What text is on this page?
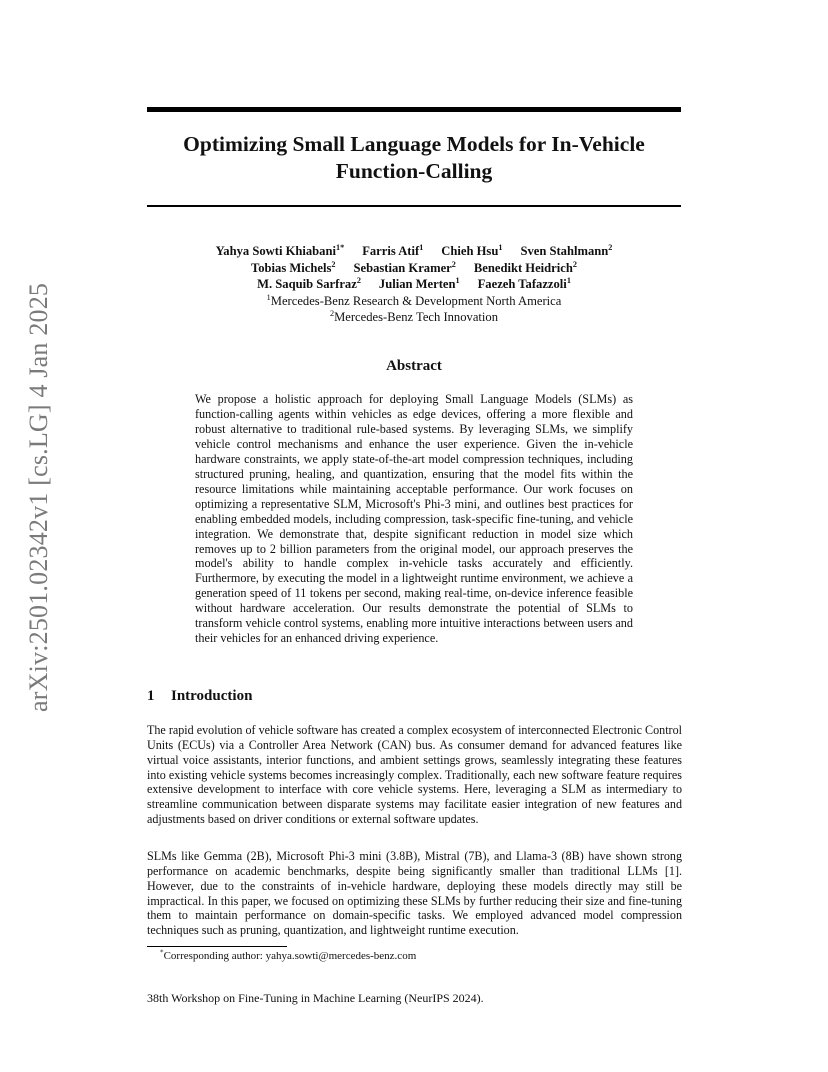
arXiv:2501.02342v1 [cs.LG] 4 Jan 2025
Optimizing Small Language Models for In-Vehicle Function-Calling
Yahya Sowti Khiabani$^{1*}$ Farris Atif$^1$ Chieh Hsu$^1$ Sven Stahlmann$^2$
Tobias Michels$^2$ Sebastian Kramer$^2$ Benedikt Heidrich$^2$
M. Saquib Sarfraz$^2$ Julian Merten$^1$ Faezeh Tafazzoli$^1$
$^1$Mercedes-Benz Research & Development North America
$^2$Mercedes-Benz Tech Innovation
Abstract

We propose a holistic approach for deploying Small Language Models (SLMs) as function-calling agents within vehicles as edge devices, offering a more flexible and robust alternative to traditional rule-based systems. By leveraging SLMs, we simplify vehicle control mechanisms and enhance the user experience. Given the in-vehicle hardware constraints, we apply state-of-the-art model compression techniques, including structured pruning, healing, and quantization, ensuring that the model fits within the resource limitations while maintaining acceptable performance. Our work focuses on optimizing a representative SLM, Microsoft's Phi-3 mini, and outlines best practices for enabling embedded models, including compression, task-specific fine-tuning, and vehicle integration. We demonstrate that, despite significant reduction in model size which removes up to 2 billion parameters from the original model, our approach preserves the model's ability to handle complex in-vehicle tasks accurately and efficiently. Furthermore, by executing the model in a lightweight runtime environment, we achieve a generation speed of 11 tokens per second, making real-time, on-device inference feasible without hardware acceleration. Our results demonstrate the potential of SLMs to transform vehicle control systems, enabling more intuitive interactions between users and their vehicles for an enhanced driving experience.

1 Introduction

The rapid evolution of vehicle software has created a complex ecosystem of interconnected Electronic Control Units (ECUs) via a Controller Area Network (CAN) bus. As consumer demand for advanced features like virtual voice assistants, interior functions, and ambient settings grows, seamlessly integrating these features into existing vehicle systems becomes increasingly complex. Traditionally, each new software feature requires extensive development to interface with core vehicle systems. Here, leveraging a SLM as intermediary to streamline communication between disparate systems may facilitate easier integration of new features and adjustments based on driver conditions or external software updates.

SLMs like Gemma (2B), Microsoft Phi-3 mini (3.8B), Mistral (7B), and Llama-3 (8B) have shown strong performance on academic benchmarks, despite being significantly smaller than traditional LLMs [1]. However, due to the constraints of in-vehicle hardware, deploying these models directly may still be impractical. In this paper, we focused on optimizing these SLMs by further reducing their size and fine-tuning them to maintain performance on domain-specific tasks. We employed advanced model compression techniques such as pruning, quantization, and lightweight runtime execution.

*Corresponding author: yahya.sowti@mercedes-benz.com
38th Workshop on Fine-Tuning in Machine Learning (NeurIPS 2024).
